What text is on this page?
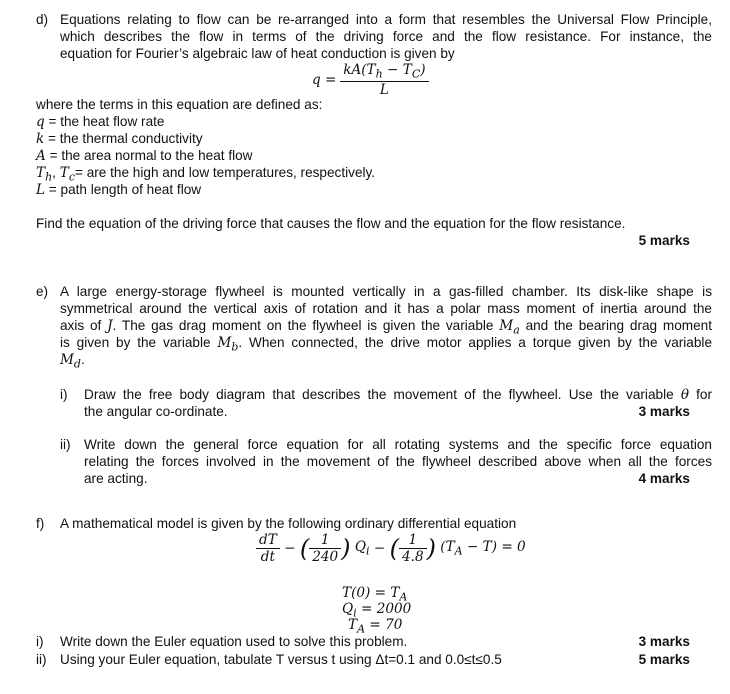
d) Equations relating to flow can be re-arranged into a form that resembles the Universal Flow Principle,
which describes the flow in terms of the driving force and the flow resistance. For instance, the
equation for Fourier’s algebraic law of heat conduction is given by
$q = \frac{kA(T_h - T_C)}{L}$
where the terms in this equation are defined as:
q = the heat flow rate
k = the thermal conductivity
A = the area normal to the heat flow
$T_h$, $T_c=$ are the high and low temperatures, respectively.
L = path length of heat flow
Find the equation of the driving force that causes the flow and the equation for the flow resistance.
5 marks
e) A large energy-storage flywheel is mounted vertically in a gas-filled chamber. Its disk-like shape is
symmetrical around the vertical axis of rotation and it has a polar mass moment of inertia around the
axis of J. The gas drag moment on the flywheel is given the variable $M_a$ and the bearing drag moment
is given by the variable $M_b$. When connected, the drive motor applies a torque given by the variable
$M_d$.
i) Draw the free body diagram that describes the movement of the flywheel. Use the variable θ for
the angular co-ordinate.	3 marks
ii) Write down the general force equation for all rotating systems and the specific force equation
relating the forces involved in the movement of the flywheel described above when all the forces
are acting.	4 marks
f) A mathematical model is given by the following ordinary differential equation
$\frac{dT}{dt}$ − ( $\frac{1}{240}$ ) $Q_i$ − ( $\frac{1}{4.8}$ ) $(T_A - T) = 0$
$T(0) = T_A$
$Q_i = 2000$
$T_A = 70$
i) Write down the Euler equation used to solve this problem.	3 marks
ii) Using your Euler equation, tabulate T versus t using Δt=0.1 and 0.0≤t≤0.5	5 marks
